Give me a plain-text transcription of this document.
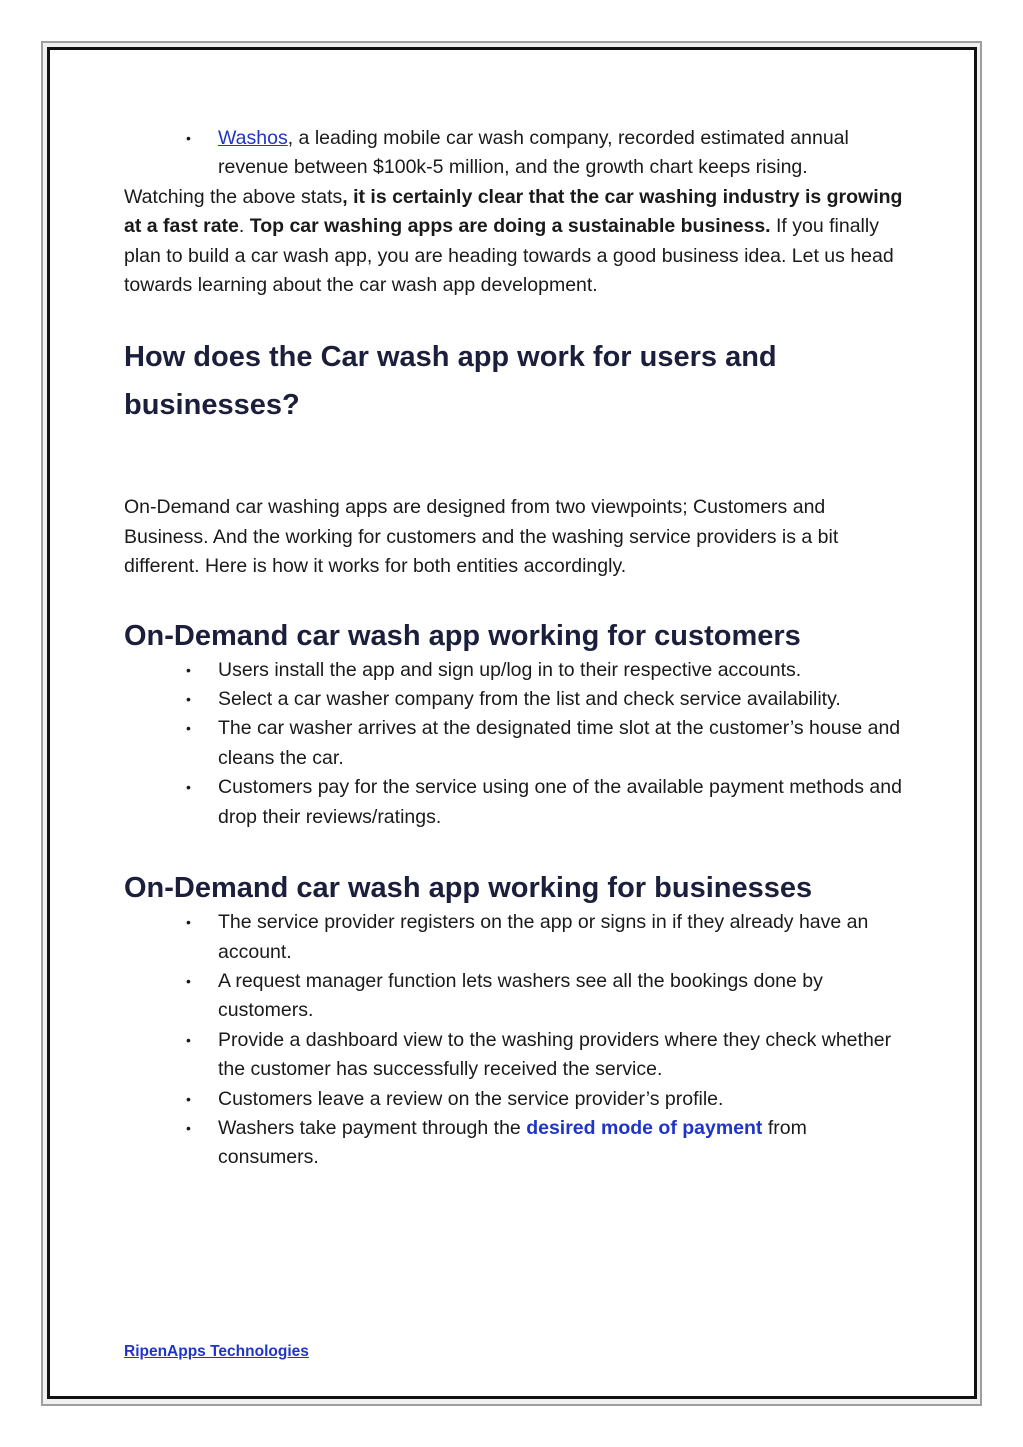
• Washos, a leading mobile car wash company, recorded estimated annual revenue between $100k-5 million, and the growth chart keeps rising.

Watching the above stats, it is certainly clear that the car washing industry is growing at a fast rate. Top car washing apps are doing a sustainable business. If you finally plan to build a car wash app, you are heading towards a good business idea. Let us head towards learning about the car wash app development.

How does the Car wash app work for users and businesses?

On-Demand car washing apps are designed from two viewpoints; Customers and Business. And the working for customers and the washing service providers is a bit different. Here is how it works for both entities accordingly.

On-Demand car wash app working for customers
• Users install the app and sign up/log in to their respective accounts.
• Select a car washer company from the list and check service availability.
• The car washer arrives at the designated time slot at the customer’s house and cleans the car.
• Customers pay for the service using one of the available payment methods and drop their reviews/ratings.
On-Demand car wash app working for businesses
• The service provider registers on the app or signs in if they already have an account.
• A request manager function lets washers see all the bookings done by customers.
• Provide a dashboard view to the washing providers where they check whether the customer has successfully received the service.
• Customers leave a review on the service provider’s profile.
• Washers take payment through the desired mode of payment from consumers.
RipenApps Technologies
